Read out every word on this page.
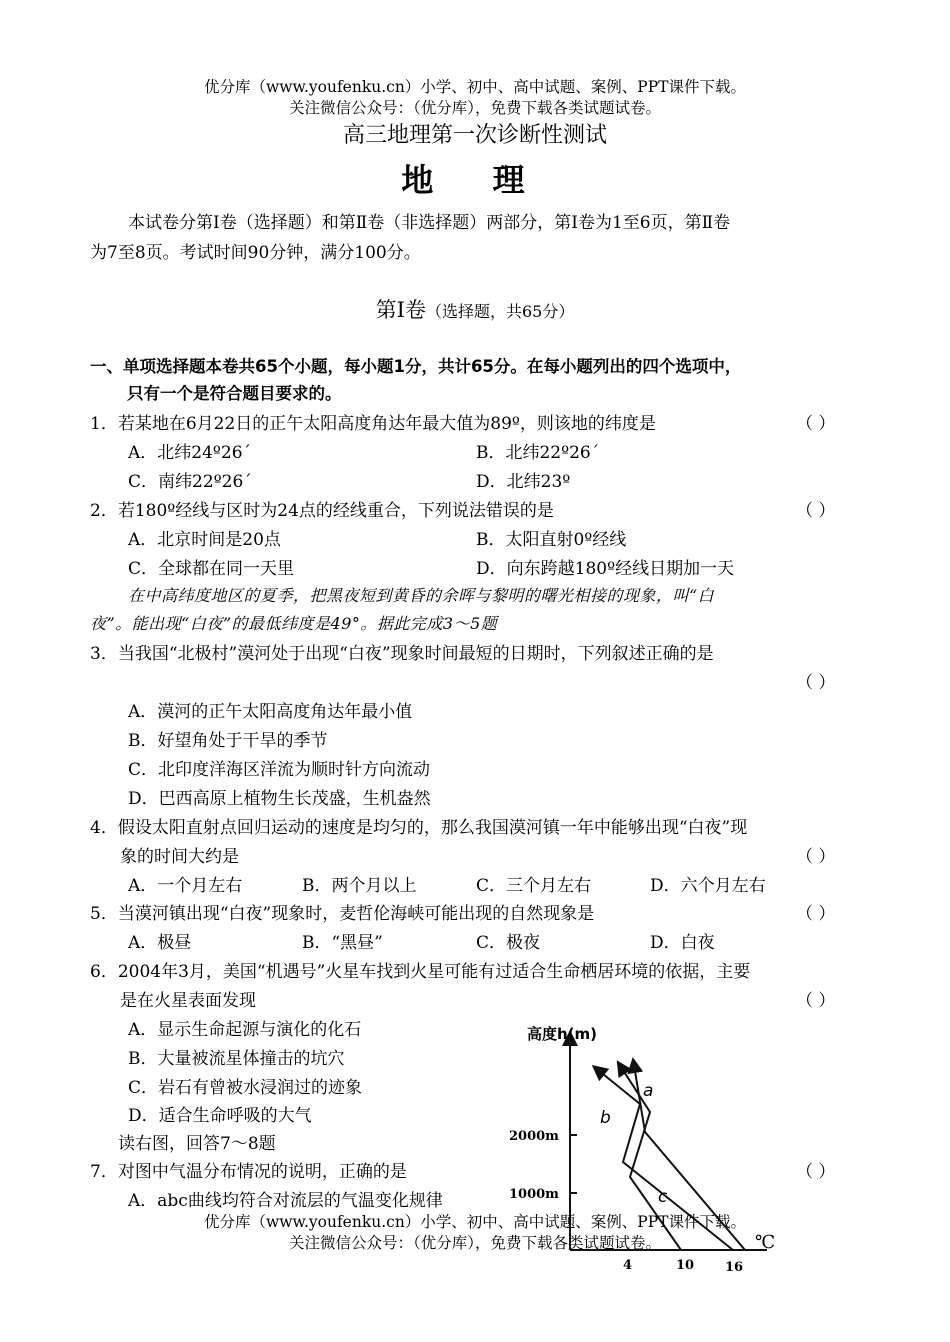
优分库（www.youfenku.cn）小学、初中、高中试题、案例、PPT课件下载。
关注微信公众号：（优分库），免费下载各类试题试卷。
高三地理第一次诊断性测试
地 理
本试卷分第Ⅰ卷（选择题）和第Ⅱ卷（非选择题）两部分，第Ⅰ卷为1至6页，第Ⅱ卷
为7至8页。考试时间90分钟，满分100分。
第Ⅰ卷（选择题，共65分）
一、单项选择题本卷共65个小题，每小题1分，共计65分。在每小题列出的四个选项中，
只有一个是符合题目要求的。
1．若某地在6月22日的正午太阳高度角达年最大值为89º，则该地的纬度是	（ ）
A．北纬24º26´	B．北纬22º26´
C．南纬22º26´	D．北纬23º
2．若180º经线与区时为24点的经线重合，下列说法错误的是	（ ）
A．北京时间是20点	B．太阳直射0º经线
C．全球都在同一天里	D．向东跨越180º经线日期加一天
在中高纬度地区的夏季，把黑夜短到黄昏的余晖与黎明的曙光相接的现象，叫“白
夜”。能出现“白夜”的最低纬度是49°。据此完成3～5题
3．当我国“北极村”漠河处于出现“白夜”现象时间最短的日期时，下列叙述正确的是
（ ）
A．漠河的正午太阳高度角达年最小值
B．好望角处于干旱的季节
C．北印度洋海区洋流为顺时针方向流动
D．巴西高原上植物生长茂盛，生机盎然
4．假设太阳直射点回归运动的速度是均匀的，那么我国漠河镇一年中能够出现“白夜”现
象的时间大约是	（ ）
A．一个月左右	B．两个月以上	C．三个月左右	D．六个月左右
5．当漠河镇出现“白夜”现象时，麦哲伦海峡可能出现的自然现象是	（ ）
A．极昼	B．“黑昼”	C．极夜	D．白夜
6．2004年3月，美国“机遇号”火星车找到火星可能有过适合生命栖居环境的依据，主要
是在火星表面发现	（ ）
A．显示生命起源与演化的化石
B．大量被流星体撞击的坑穴
C．岩石有曾被水浸润过的迹象
D．适合生命呼吸的大气
读右图，回答7～8题
7．对图中气温分布情况的说明，正确的是	（ ）
A．abc曲线均符合对流层的气温变化规律
高度h(m)
2000m
1000m
a
b
c
℃
4	10 16
优分库（www.youfenku.cn）小学、初中、高中试题、案例、PPT课件下载。
关注微信公众号：（优分库），免费下载各类试题试卷。
